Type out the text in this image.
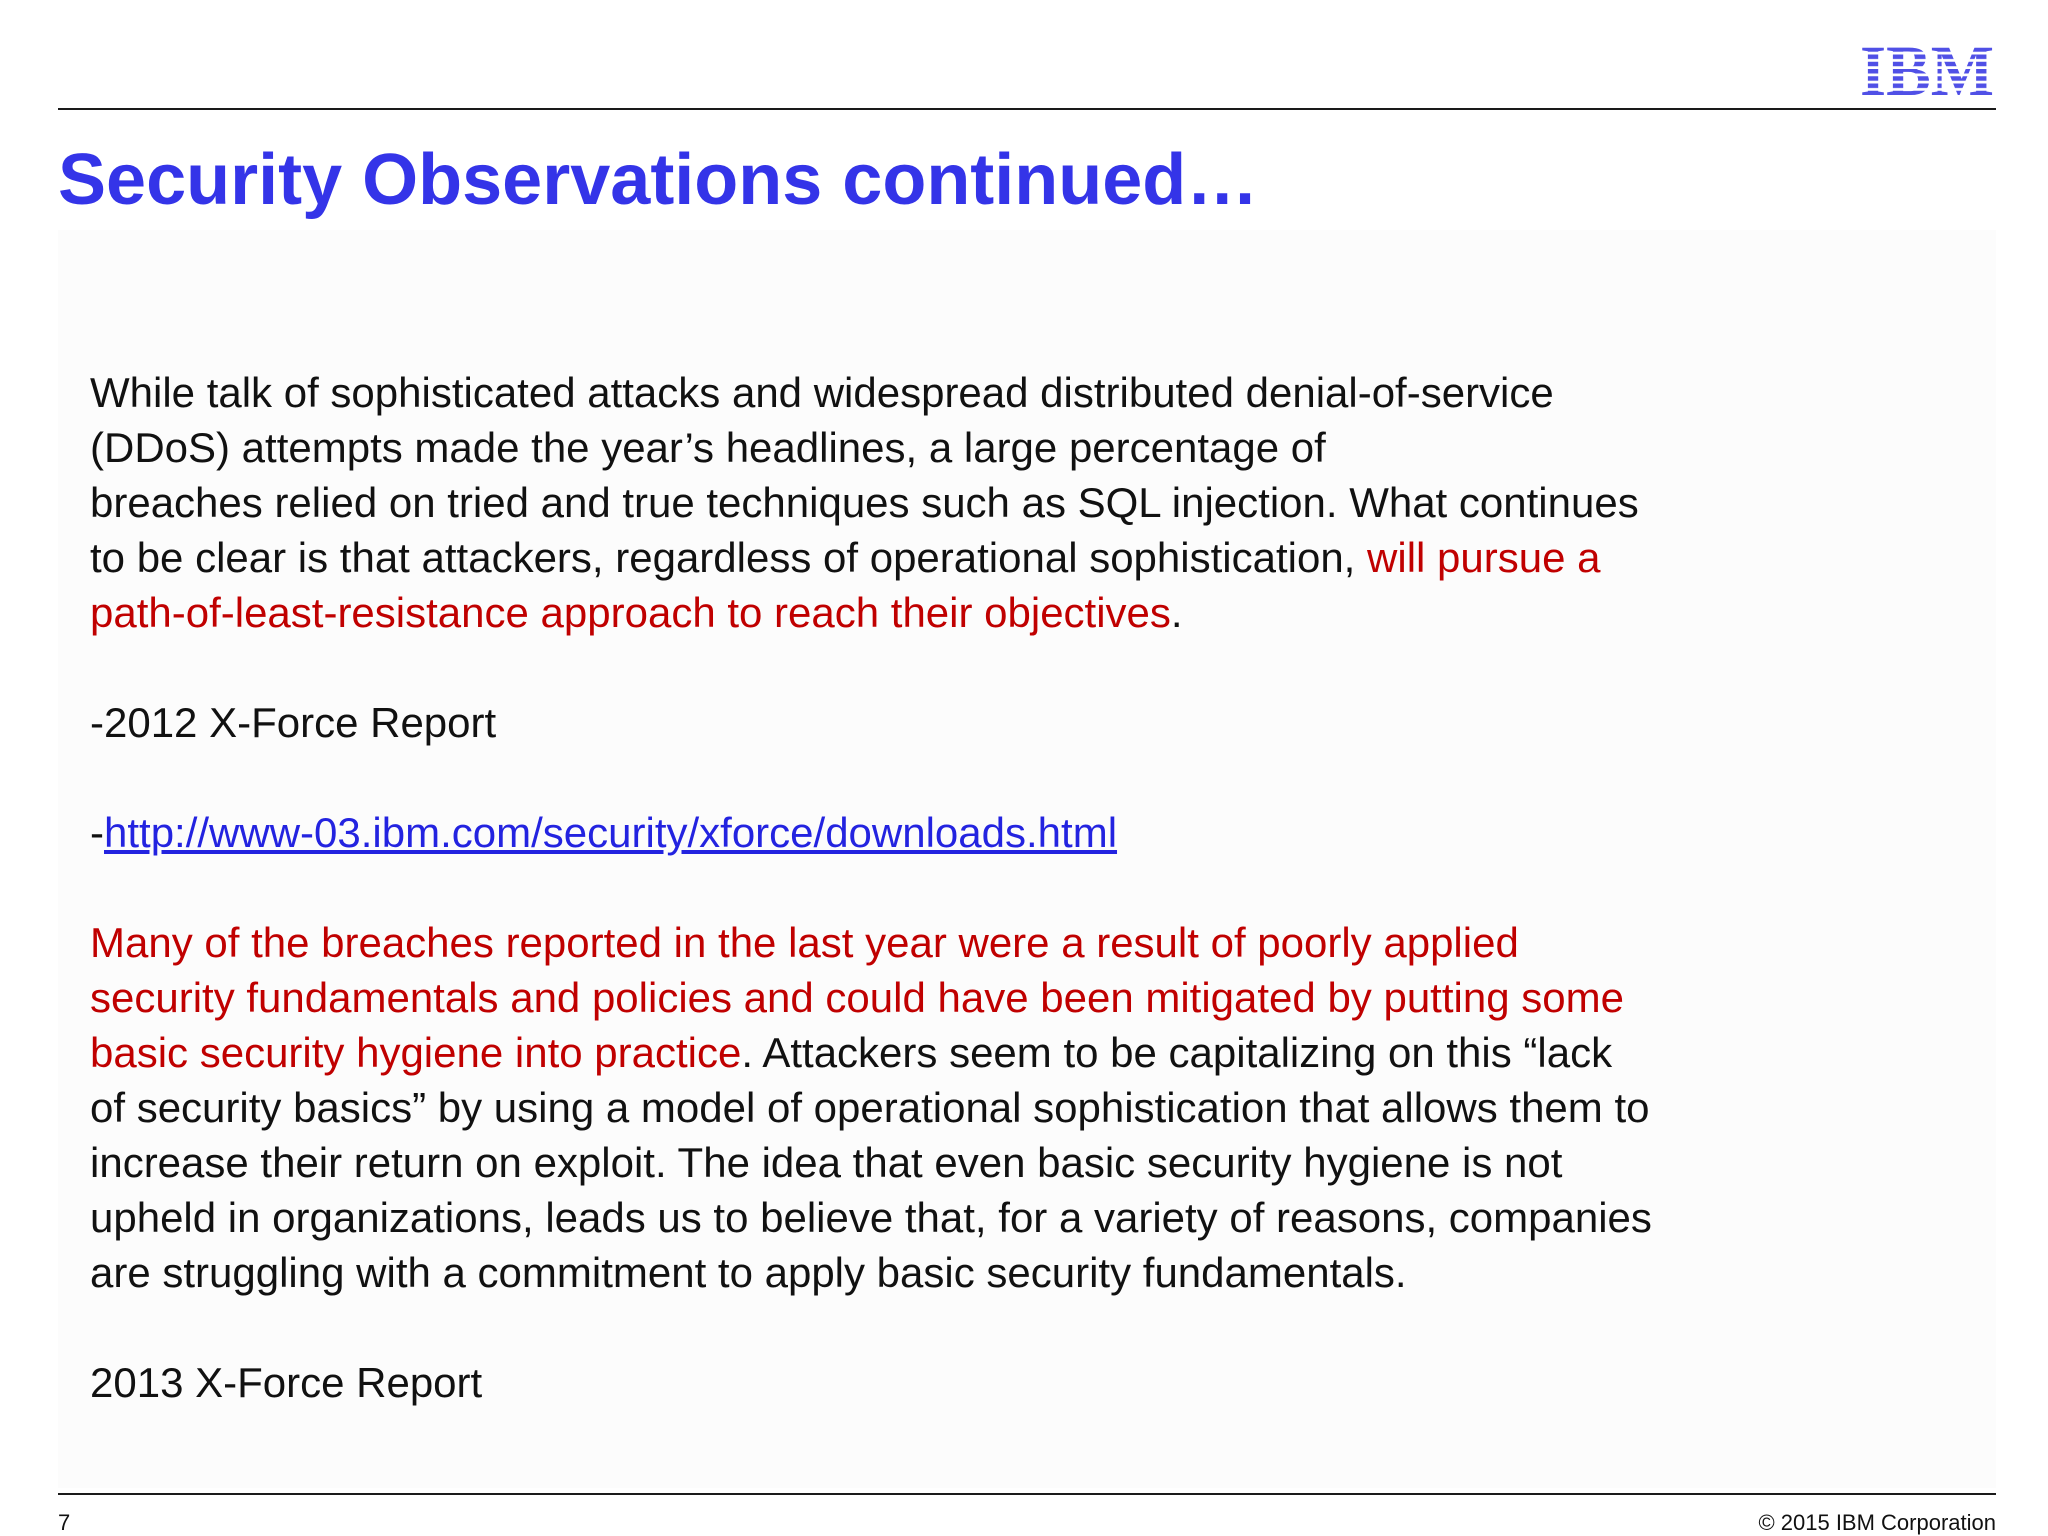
IBM
Security Observations continued…
While talk of sophisticated attacks and widespread distributed denial-of-service
(DDoS) attempts made the year’s headlines, a large percentage of
breaches relied on tried and true techniques such as SQL injection. What continues
to be clear is that attackers, regardless of operational sophistication, will pursue a
path-of-least-resistance approach to reach their objectives.
-2012 X-Force Report
-http://www-03.ibm.com/security/xforce/downloads.html
Many of the breaches reported in the last year were a result of poorly applied
security fundamentals and policies and could have been mitigated by putting some
basic security hygiene into practice. Attackers seem to be capitalizing on this “lack
of security basics” by using a model of operational sophistication that allows them to
increase their return on exploit. The idea that even basic security hygiene is not
upheld in organizations, leads us to believe that, for a variety of reasons, companies
are struggling with a commitment to apply basic security fundamentals.
2013 X-Force Report
7	© 2015 IBM Corporation
